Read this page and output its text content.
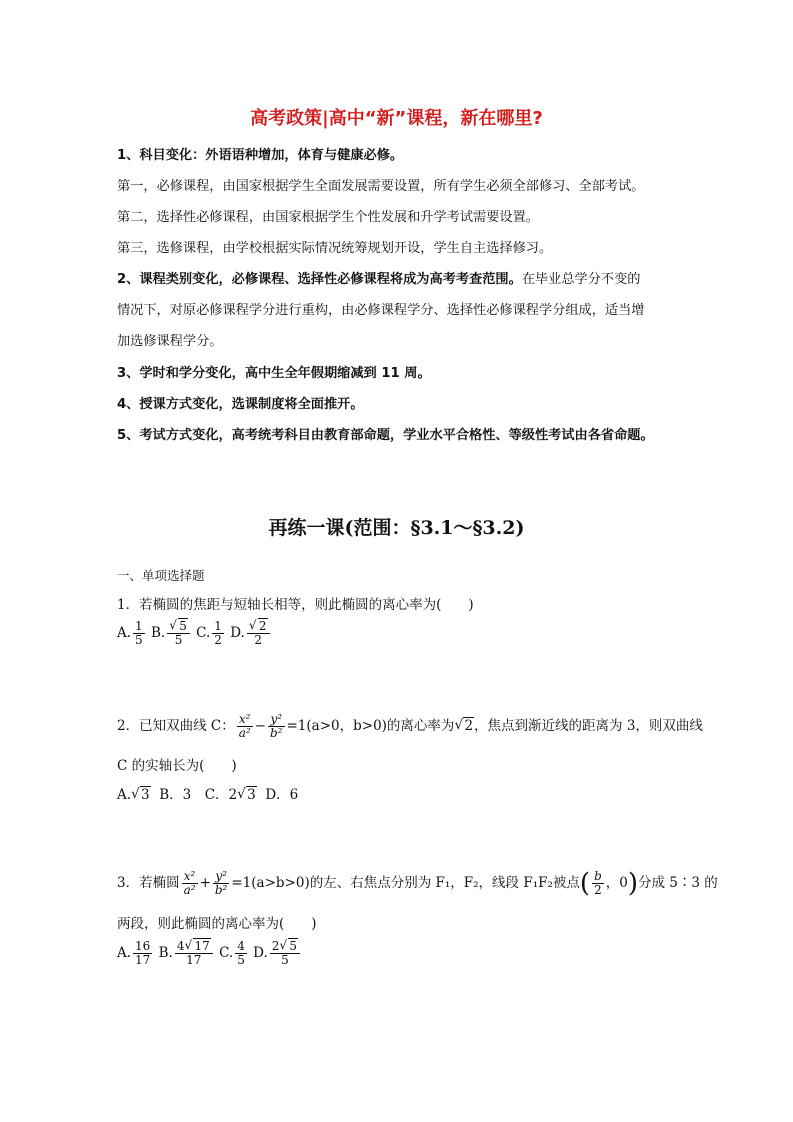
高考政策|高中“新”课程，新在哪里?
1、科目变化：外语语种增加，体育与健康必修。
第一，必修课程，由国家根据学生全面发展需要设置，所有学生必须全部修习、全部考试。
第二，选择性必修课程，由国家根据学生个性发展和升学考试需要设置。
第三，选修课程，由学校根据实际情况统筹规划开设，学生自主选择修习。
2、课程类别变化，必修课程、选择性必修课程将成为高考考查范围。在毕业总学分不变的
情况下，对原必修课程学分进行重构，由必修课程学分、选择性必修课程学分组成，适当增
加选修课程学分。
3、学时和学分变化，高中生全年假期缩减到 11 周。
4、授课方式变化，选课制度将全面推开。
5、考试方式变化，高考统考科目由教育部命题，学业水平合格性、等级性考试由各省命题。
再练一课(范围：§3.1～§3.2)
一、单项选择题
1．若椭圆的焦距与短轴长相等，则此椭圆的离心率为(　　)
A. $\frac{1}{5} B$. √ $\frac{5}{5} C$. $\frac{1}{2} D$. √ $\frac{2}{2}$
2．已知双曲线 C： $\frac{\text{x²}}{\text{a²}} - \frac{\text{y²}}{\text{b²}} =1(a>0$，b>0)的离心率为 √ 2，焦点到渐近线的距离为 3，则双曲线
C 的实轴长为(　　)
A. √ 3  B．3　C．2 √ 3  D．6
3．若椭圆 $\frac{\text{x²}}{\text{a²}} + \frac{\text{y²}}{\text{b²}} =1(a>b>0)$的左、右焦点分别为 F₁，F₂，线段 F₁F₂被点( $\frac{b}{2}$ ，0)分成 5∶3 的
两段，则此椭圆的离心率为(　　)
A. $\frac{16}{17} B$. $\frac{4 √ 17}{17} C$. $\frac{4}{5} D$. $\frac{2 √ 5}{5}$
